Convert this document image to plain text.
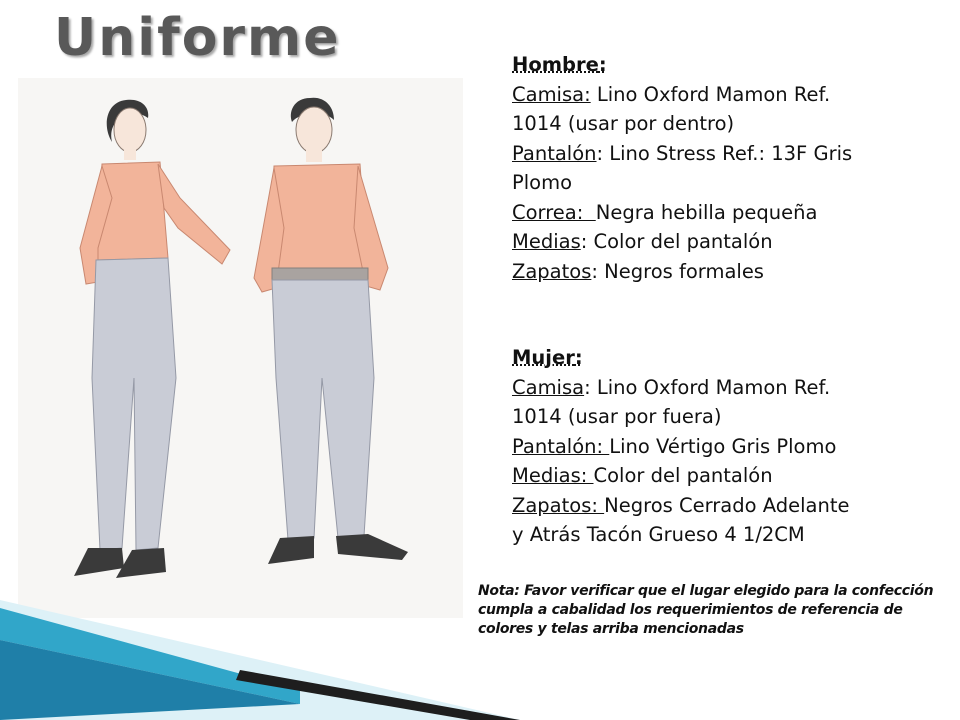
Uniforme	Hombre:
Camisa: Lino Oxford Mamon Ref.
1014 (usar por dentro)
Pantalón: Lino Stress Ref.: 13F Gris
Plomo
Correa:  Negra hebilla pequeña
Medias: Color del pantalón
Zapatos: Negros formales
Mujer:
Camisa: Lino Oxford Mamon Ref.
1014 (usar por fuera)
Pantalón: Lino Vértigo Gris Plomo
Medias: Color del pantalón
Zapatos: Negros Cerrado Adelante
y Atrás Tacón Grueso 4 1/2CM

Nota: Favor verificar que el lugar elegido para la confección cumpla a cabalidad los requerimientos de referencia de colores y telas arriba mencionadas
